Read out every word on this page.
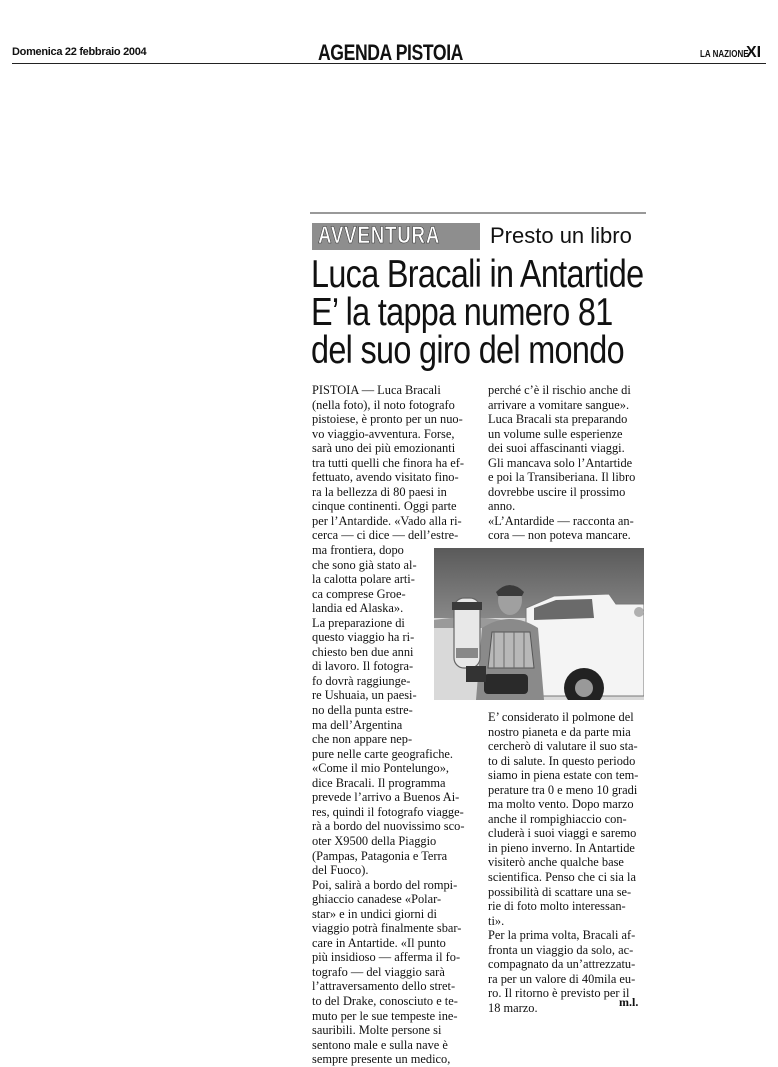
Domenica 22 febbraio 2004	AGENDA PISTOIA	LA NAZIONE
XI
AVVENTURA Presto un libro
Luca Bracali in Antartide
E’ la tappa numero 81
del suo giro del mondo
PISTOIA — Luca Bracali
(nella foto), il noto fotografo
pistoiese, è pronto per un nuo-
vo viaggio-avventura. Forse,
sarà uno dei più emozionanti
tra tutti quelli che finora ha ef-
fettuato, avendo visitato fino-
ra la bellezza di 80 paesi in
cinque continenti. Oggi parte
per l’Antardide. «Vado alla ri-
cerca — ci dice — dell’estre-
ma frontiera, dopo
che sono già stato al-
la calotta polare arti-
ca comprese Groe-
landia ed Alaska».
La preparazione di
questo viaggio ha ri-
chiesto ben due anni
di lavoro. Il fotogra-
fo dovrà raggiunge-
re Ushuaia, un paesi-
no della punta estre-
ma dell’Argentina
che non appare nep-
pure nelle carte geografiche.
«Come il mio Pontelungo»,
dice Bracali. Il programma
prevede l’arrivo a Buenos Ai-
res, quindi il fotografo viagge-
rà a bordo del nuovissimo sco-
oter X9500 della Piaggio
(Pampas, Patagonia e Terra
del Fuoco).
Poi, salirà a bordo del rompi-
ghiaccio canadese «Polar-
star» e in undici giorni di
viaggio potrà finalmente sbar-
care in Antartide. «Il punto
più insidioso — afferma il fo-
tografo — del viaggio sarà
l’attraversamento dello stret-
to del Drake, conosciuto e te-
muto per le sue tempeste ine-
sauribili. Molte persone si
sentono male e sulla nave è
sempre presente un medico,
perché c’è il rischio anche di
arrivare a vomitare sangue».
Luca Bracali sta preparando
un volume sulle esperienze
dei suoi affascinanti viaggi.
Gli mancava solo l’Antartide
e poi la Transiberiana. Il libro
dovrebbe uscire il prossimo
anno.
«L’Antardide — racconta an-
cora — non poteva mancare.
E’ considerato il polmone del
nostro pianeta e da parte mia
cercherò di valutare il suo sta-
to di salute. In questo periodo
siamo in piena estate con tem-
perature tra 0 e meno 10 gradi
ma molto vento. Dopo marzo
anche il rompighiaccio con-
cluderà i suoi viaggi e saremo
in pieno inverno. In Antartide
visiterò anche qualche base
scientifica. Penso che ci sia la
possibilità di scattare una se-
rie di foto molto interessan-
ti».
Per la prima volta, Bracali af-
fronta un viaggio da solo, ac-
compagnato da un’attrezzatu-
ra per un valore di 40mila eu-
ro. Il ritorno è previsto per il
18 marzo.	m.l.
